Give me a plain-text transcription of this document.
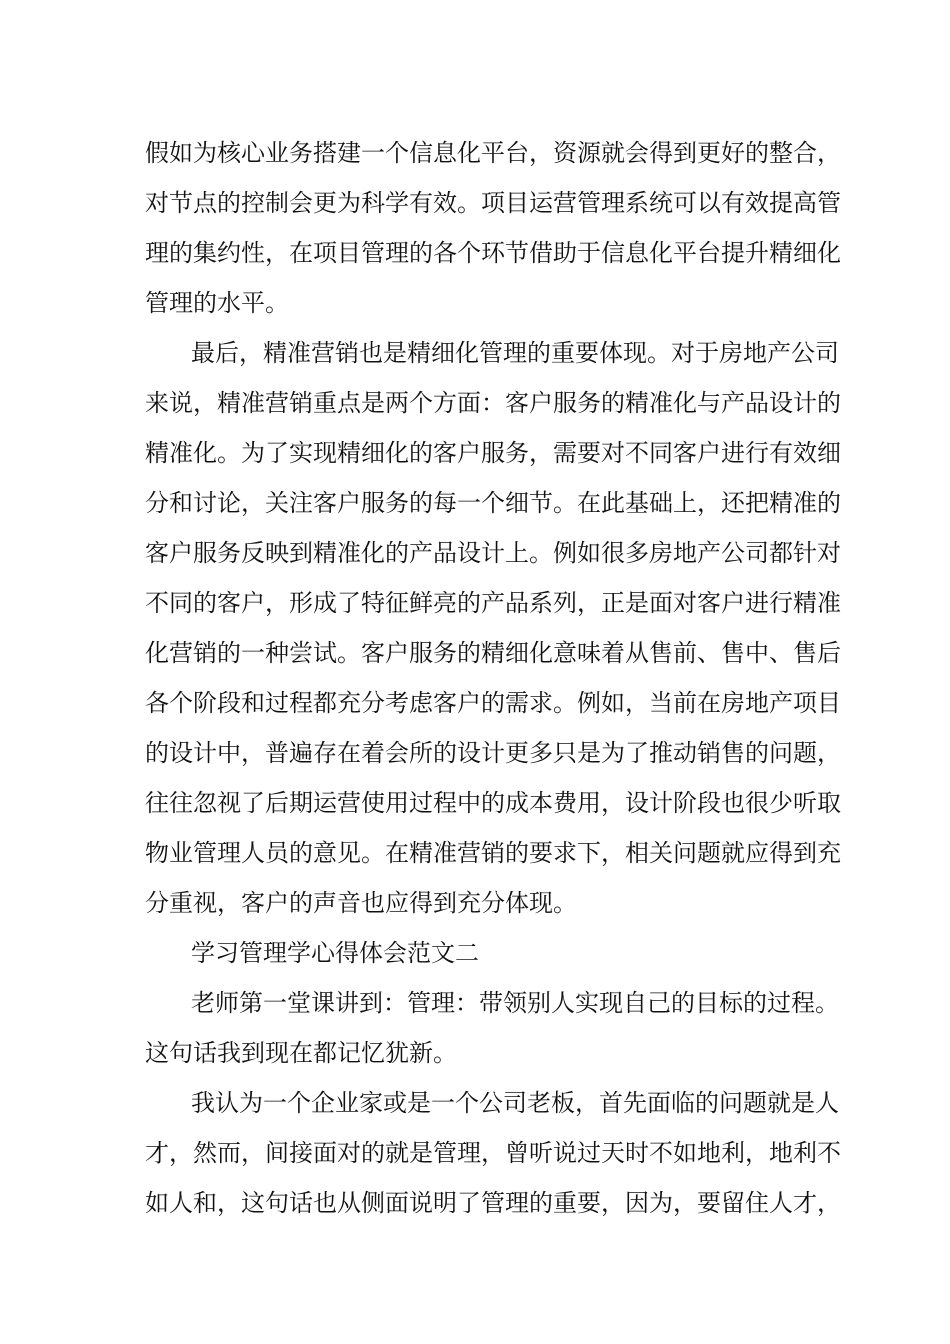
假如为核心业务搭建一个信息化平台，资源就会得到更好的整合，
对节点的控制会更为科学有效。项目运营管理系统可以有效提高管
理的集约性，在项目管理的各个环节借助于信息化平台提升精细化
管理的水平。
最后，精准营销也是精细化管理的重要体现。对于房地产公司
来说，精准营销重点是两个方面：客户服务的精准化与产品设计的
精准化。为了实现精细化的客户服务，需要对不同客户进行有效细
分和讨论，关注客户服务的每一个细节。在此基础上，还把精准的
客户服务反映到精准化的产品设计上。例如很多房地产公司都针对
不同的客户，形成了特征鲜亮的产品系列，正是面对客户进行精准
化营销的一种尝试。客户服务的精细化意味着从售前、售中、售后
各个阶段和过程都充分考虑客户的需求。例如，当前在房地产项目
的设计中，普遍存在着会所的设计更多只是为了推动销售的问题，
往往忽视了后期运营使用过程中的成本费用，设计阶段也很少听取
物业管理人员的意见。在精准营销的要求下，相关问题就应得到充
分重视，客户的声音也应得到充分体现。
学习管理学心得体会范文二
老师第一堂课讲到：管理：带领别人实现自己的目标的过程。
这句话我到现在都记忆犹新。
我认为一个企业家或是一个公司老板，首先面临的问题就是人
才，然而，间接面对的就是管理，曾听说过天时不如地利，地利不
如人和，这句话也从侧面说明了管理的重要，因为，要留住人才，
